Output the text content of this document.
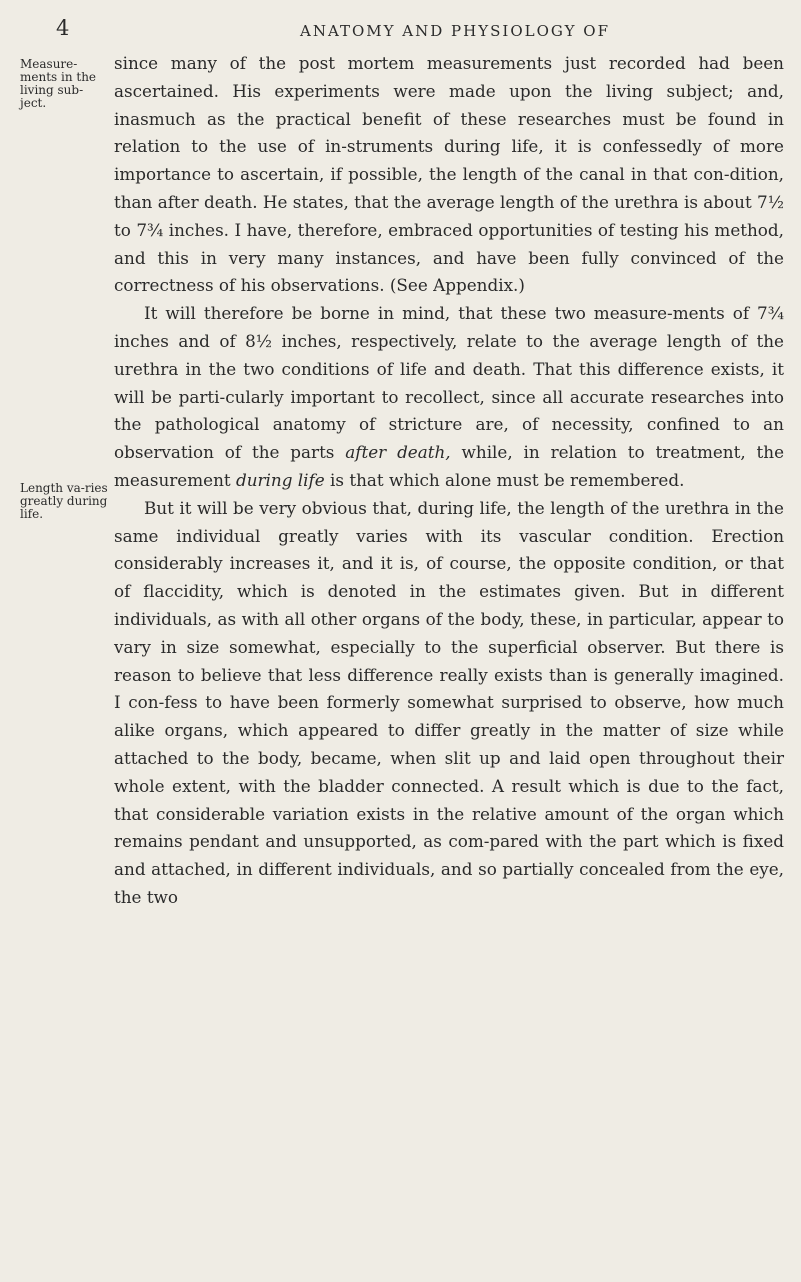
4	ANATOMY AND PHYSIOLOGY OF
Measure-ments in the living sub-ject.
Length va-ries greatly during life.

since many of the post mortem measurements just recorded had been ascertained. His experiments were made upon the living subject; and, inasmuch as the practical benefit of these researches must be found in relation to the use of in-struments during life, it is confessedly of more importance to ascertain, if possible, the length of the canal in that con-dition, than after death. He states, that the average length of the urethra is about 7½ to 7¾ inches. I have, therefore, embraced opportunities of testing his method, and this in very many instances, and have been fully convinced of the correctness of his observations. (See Appendix.)

It will therefore be borne in mind, that these two measure-ments of 7¾ inches and of 8½ inches, respectively, relate to the average length of the urethra in the two conditions of life and death. That this difference exists, it will be parti-cularly important to recollect, since all accurate researches into the pathological anatomy of stricture are, of necessity, confined to an observation of the parts after death, while, in relation to treatment, the measurement during life is that which alone must be remembered.

But it will be very obvious that, during life, the length of the urethra in the same individual greatly varies with its vascular condition. Erection considerably increases it, and it is, of course, the opposite condition, or that of flaccidity, which is denoted in the estimates given. But in different individuals, as with all other organs of the body, these, in particular, appear to vary in size somewhat, especially to the superficial observer. But there is reason to believe that less difference really exists than is generally imagined. I con-fess to have been formerly somewhat surprised to observe, how much alike organs, which appeared to differ greatly in the matter of size while attached to the body, became, when slit up and laid open throughout their whole extent, with the bladder connected. A result which is due to the fact, that considerable variation exists in the relative amount of the organ which remains pendant and unsupported, as com-pared with the part which is fixed and attached, in different individuals, and so partially concealed from the eye, the two
